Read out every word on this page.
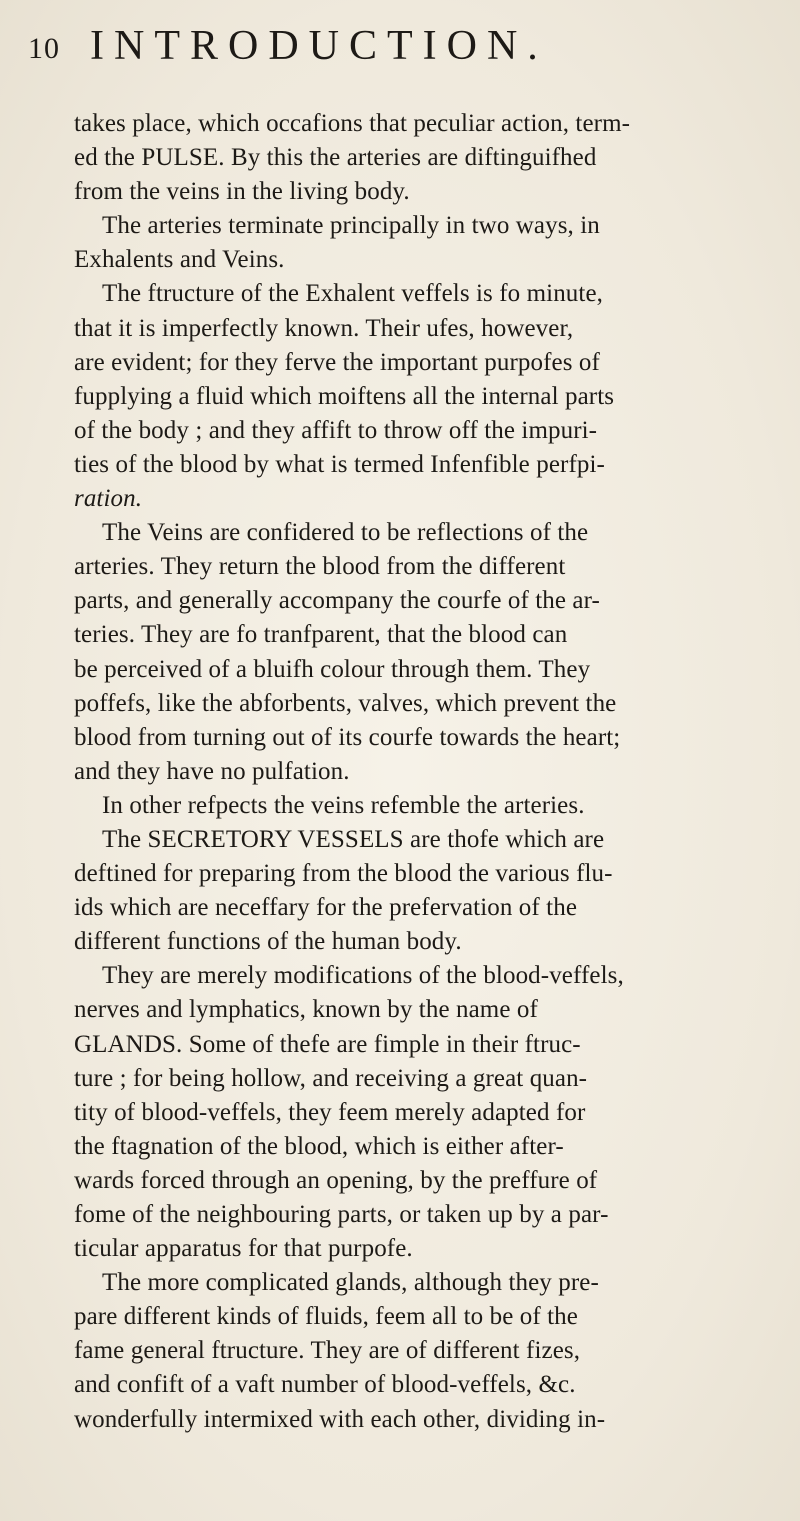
10 INTRODUCTION.
takes place, which occafions that peculiar action, term-
ed the PULSE. By this the arteries are diftinguifhed
from the veins in the living body.
The arteries terminate principally in two ways, in
Exhalents and Veins.
The ftructure of the Exhalent veffels is fo minute,
that it is imperfectly known. Their ufes, however,
are evident; for they ferve the important purpofes of
fupplying a fluid which moiftens all the internal parts
of the body ; and they affift to throw off the impuri-
ties of the blood by what is termed Infenfible perfpi-
ration.
The Veins are confidered to be reflections of the
arteries. They return the blood from the different
parts, and generally accompany the courfe of the ar-
teries. They are fo tranfparent, that the blood can
be perceived of a bluifh colour through them. They
poffefs, like the abforbents, valves, which prevent the
blood from turning out of its courfe towards the heart;
and they have no pulfation.
In other refpects the veins refemble the arteries.
The SECRETORY VESSELS are thofe which are
deftined for preparing from the blood the various flu-
ids which are neceffary for the prefervation of the
different functions of the human body.
They are merely modifications of the blood-veffels,
nerves and lymphatics, known by the name of
GLANDS. Some of thefe are fimple in their ftruc-
ture ; for being hollow, and receiving a great quan-
tity of blood-veffels, they feem merely adapted for
the ftagnation of the blood, which is either after-
wards forced through an opening, by the preffure of
fome of the neighbouring parts, or taken up by a par-
ticular apparatus for that purpofe.
The more complicated glands, although they pre-
pare different kinds of fluids, feem all to be of the
fame general ftructure. They are of different fizes,
and confift of a vaft number of blood-veffels, &c.
wonderfully intermixed with each other, dividing in-
